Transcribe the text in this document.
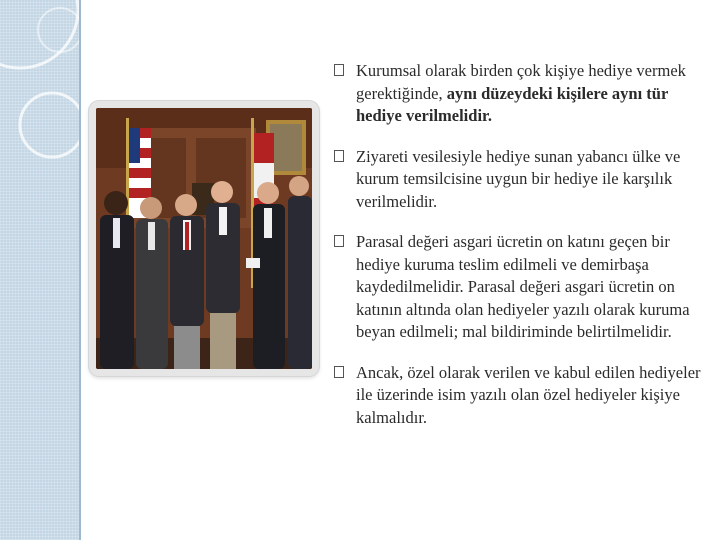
Kurumsal olarak birden çok kişiye hediye vermek gerektiğinde, aynı düzeydeki kişilere aynı tür hediye verilmelidir.
Ziyareti vesilesiyle hediye sunan yabancı ülke ve kurum temsilcisine uygun bir hediye ile karşılık verilmelidir.
Parasal değeri asgari ücretin on katını geçen bir hediye kuruma teslim edilmeli ve demirbaşa kaydedilmelidir. Parasal değeri asgari ücretin on katının altında olan hediyeler yazılı olarak kuruma beyan edilmeli; mal bildiriminde belirtilmelidir.
Ancak, özel olarak verilen ve kabul edilen hediyeler ile üzerinde isim yazılı olan özel hediyeler kişiye kalmalıdır.
